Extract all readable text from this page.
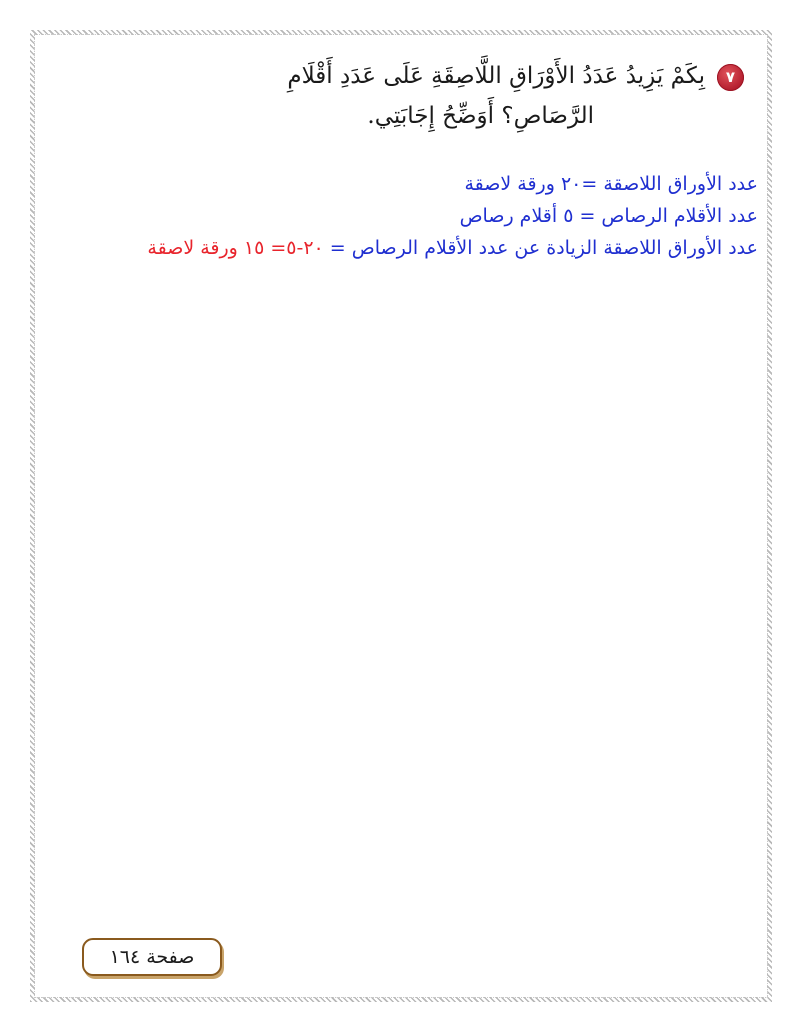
٧بِكَمْ يَزِيدُ عَدَدُ الأَوْرَاقِ اللَّاصِقَةِ عَلَى عَدَدِ أَقْلَامِ
الرَّصَاصِ؟ أَوَضِّحُ إِجَابَتِي.
عدد الأوراق اللاصقة =٢٠ ورقة لاصقة
عدد الأقلام الرصاص = ٥ أقلام رصاص
عدد الأوراق اللاصقة الزيادة عن عدد الأقلام الرصاص = ٢٠-٥= ١٥ ورقة لاصقة
صفحة ١٦٤
